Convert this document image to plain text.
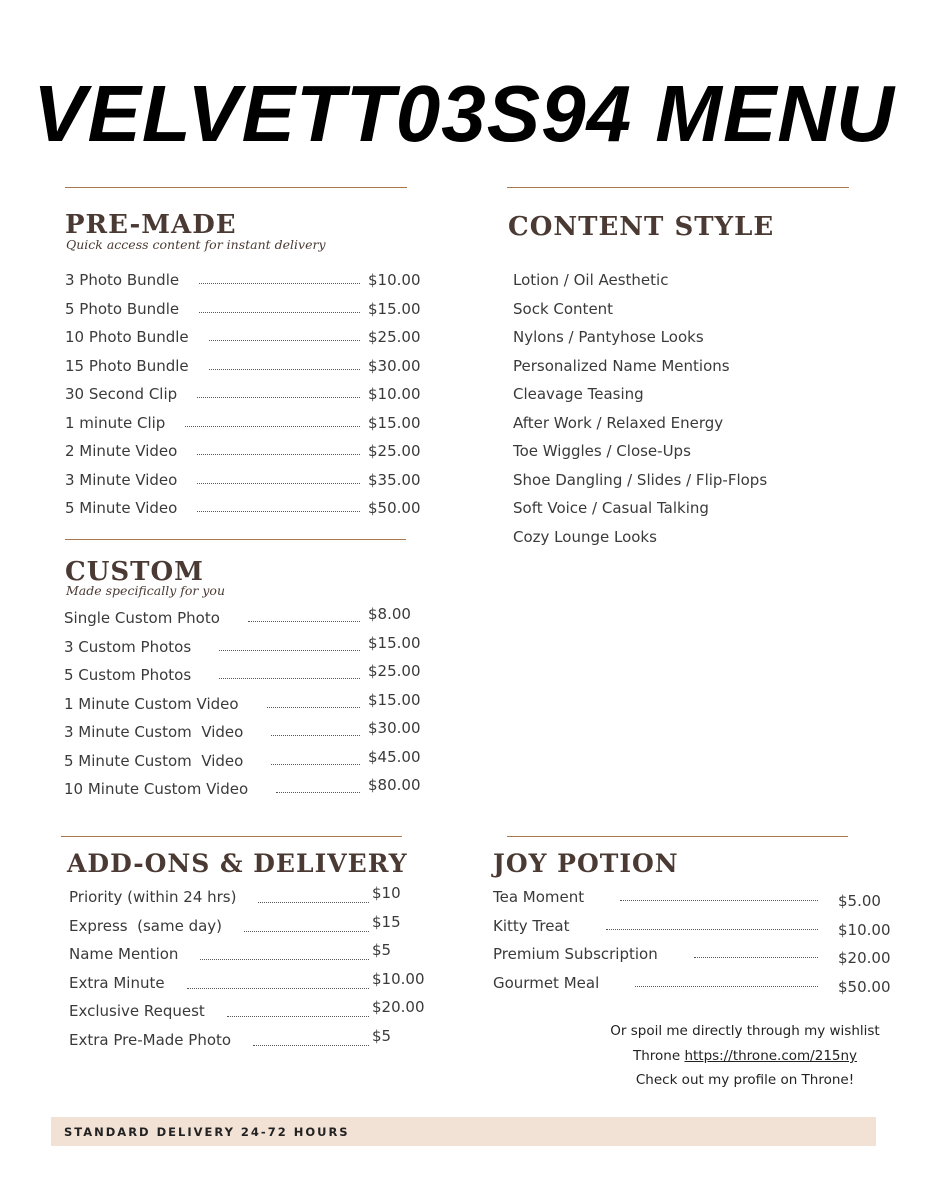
VELVETT03S94 MENU
PRE-MADE
Quick access content for instant delivery
3 Photo Bundle	$10.00
5 Photo Bundle	$15.00
10 Photo Bundle	$25.00
15 Photo Bundle	$30.00
30 Second Clip	$10.00
1 minute Clip	$15.00
2 Minute Video	$25.00
3 Minute Video	$35.00
5 Minute Video	$50.00
CUSTOM
Made specifically for you
Single Custom Photo	$8.00
3 Custom Photos	$15.00
5 Custom Photos	$25.00
1 Minute Custom Video	$15.00
3 Minute Custom  Video	$30.00
5 Minute Custom  Video	$45.00
10 Minute Custom Video	$80.00
CONTENT STYLE
Lotion / Oil Aesthetic
Sock Content
Nylons / Pantyhose Looks
Personalized Name Mentions
Cleavage Teasing
After Work / Relaxed Energy
Toe Wiggles / Close-Ups
Shoe Dangling / Slides / Flip-Flops
Soft Voice / Casual Talking
Cozy Lounge Looks
ADD-ONS & DELIVERY
Priority (within 24 hrs)	$10
Express  (same day)	$15
Name Mention	$5
Extra Minute	$10.00
Exclusive Request	$20.00
Extra Pre-Made Photo	$5
JOY POTION
Tea Moment	$5.00
Kitty Treat	$10.00
Premium Subscription	$20.00
Gourmet Meal	$50.00
Or spoil me directly through my wishlist
Throne https://throne.com/215ny
Check out my profile on Throne!
STANDARD DELIVERY 24-72 HOURS
